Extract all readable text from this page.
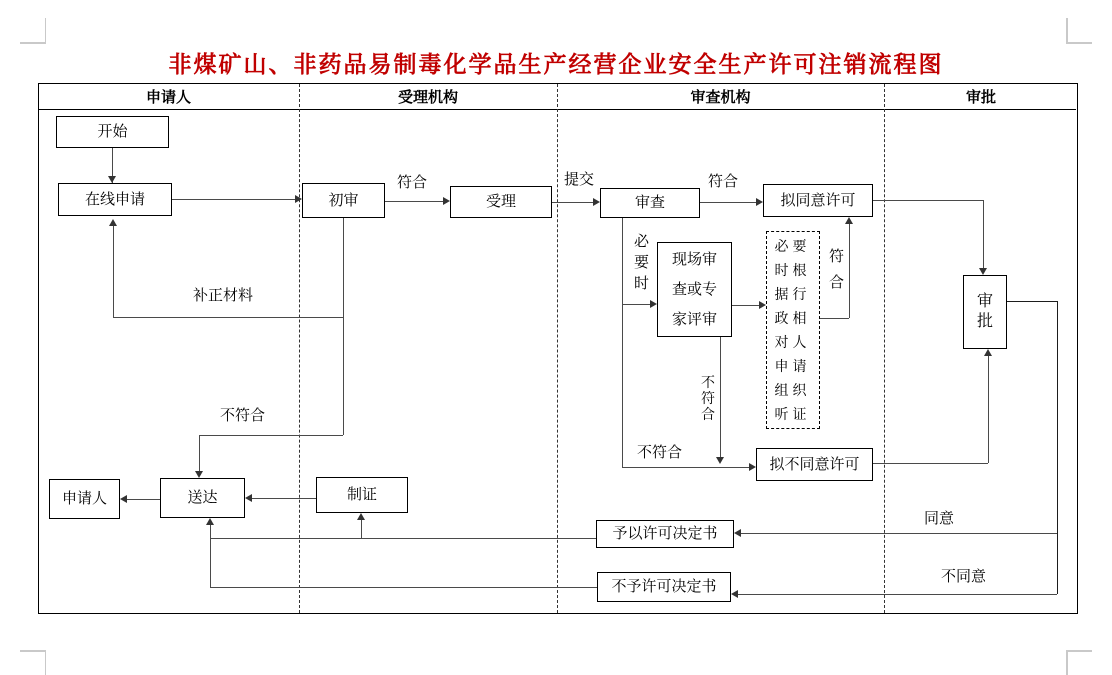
非煤矿山、非药品易制毒化学品生产经营企业安全生产许可注销流程图
申请人	受理机构	审查机构	审批
开始
在线申请	初审	受理	审查	拟同意许可
现场审查或专家评审
必要时根据行政相对人申请组织听证
审批
拟不同意许可
申请人	送达	制证
予以许可决定书
不予许可决定书
符合	提交	符合
必要时
符合
不符合
不符合
补正材料
不符合
同意
不同意
